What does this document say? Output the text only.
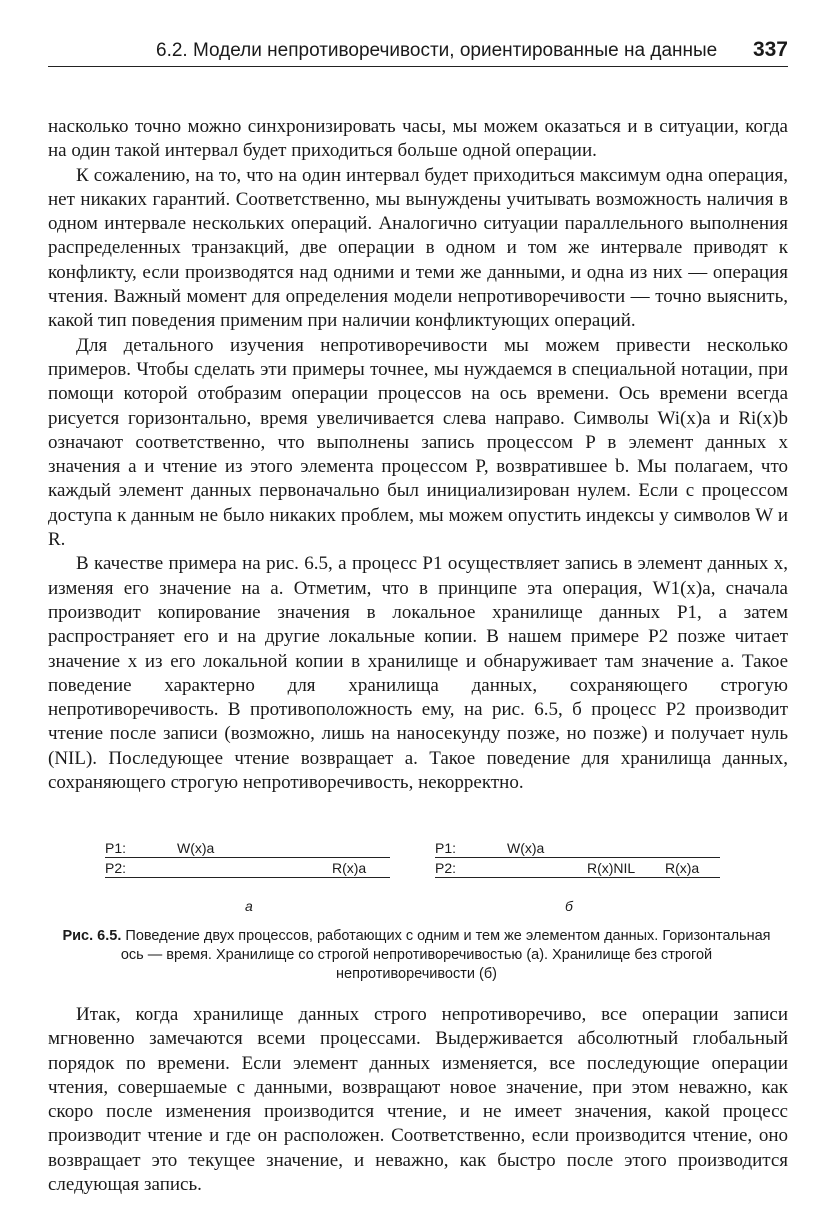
6.2. Модели непротиворечивости, ориентированные на данные 337

насколько точно можно синхронизировать часы, мы можем оказаться и в ситуации, когда на один такой интервал будет приходиться больше одной операции.

К сожалению, на то, что на один интервал будет приходиться максимум одна операция, нет никаких гарантий. Соответственно, мы вынуждены учитывать возможность наличия в одном интервале нескольких операций. Аналогично ситуации параллельного выполнения распределенных транзакций, две операции в одном и том же интервале приводят к конфликту, если производятся над одними и теми же данными, и одна из них — операция чтения. Важный момент для определения модели непротиворечивости — точно выяснить, какой тип поведения применим при наличии конфликтующих операций.

Для детального изучения непротиворечивости мы можем привести несколько примеров. Чтобы сделать эти примеры точнее, мы нуждаемся в специальной нотации, при помощи которой отобразим операции процессов на ось времени. Ось времени всегда рисуется горизонтально, время увеличивается слева направо. Символы Wi(x)a и Ri(x)b означают соответственно, что выполнены запись процессом P в элемент данных x значения a и чтение из этого элемента процессом P, возвратившее b. Мы полагаем, что каждый элемент данных первоначально был инициализирован нулем. Если с процессом доступа к данным не было никаких проблем, мы можем опустить индексы у символов W и R.

В качестве примера на рис. 6.5, а процесс P1 осуществляет запись в элемент данных x, изменяя его значение на a. Отметим, что в принципе эта операция, W1(x)a, сначала производит копирование значения в локальное хранилище данных P1, а затем распространяет его и на другие локальные копии. В нашем примере P2 позже читает значение x из его локальной копии в хранилище и обнаруживает там значение a. Такое поведение характерно для хранилища данных, сохраняющего строгую непротиворечивость. В противоположность ему, на рис. 6.5, б процесс P2 производит чтение после записи (возможно, лишь на наносекунду позже, но позже) и получает нуль (NIL). Последующее чтение возвращает a. Такое поведение для хранилища данных, сохраняющего строгую непротиворечивость, некорректно.

P1:	W(x)a
P2:	R(x)a
а
P1:	W(x)a
P2:	R(x)NIL R(x)a
б
Рис. 6.5. Поведение двух процессов, работающих с одним и тем же элементом данных. Горизонтальная ось — время. Хранилище со строгой непротиворечивостью (а). Хранилище без строгой непротиворечивости (б)

Итак, когда хранилище данных строго непротиворечиво, все операции записи мгновенно замечаются всеми процессами. Выдерживается абсолютный глобальный порядок по времени. Если элемент данных изменяется, все последующие операции чтения, совершаемые с данными, возвращают новое значение, при этом неважно, как скоро после изменения производится чтение, и не имеет значения, какой процесс производит чтение и где он расположен. Соответственно, если производится чтение, оно возвращает это текущее значение, и неважно, как быстро после этого производится следующая запись.
